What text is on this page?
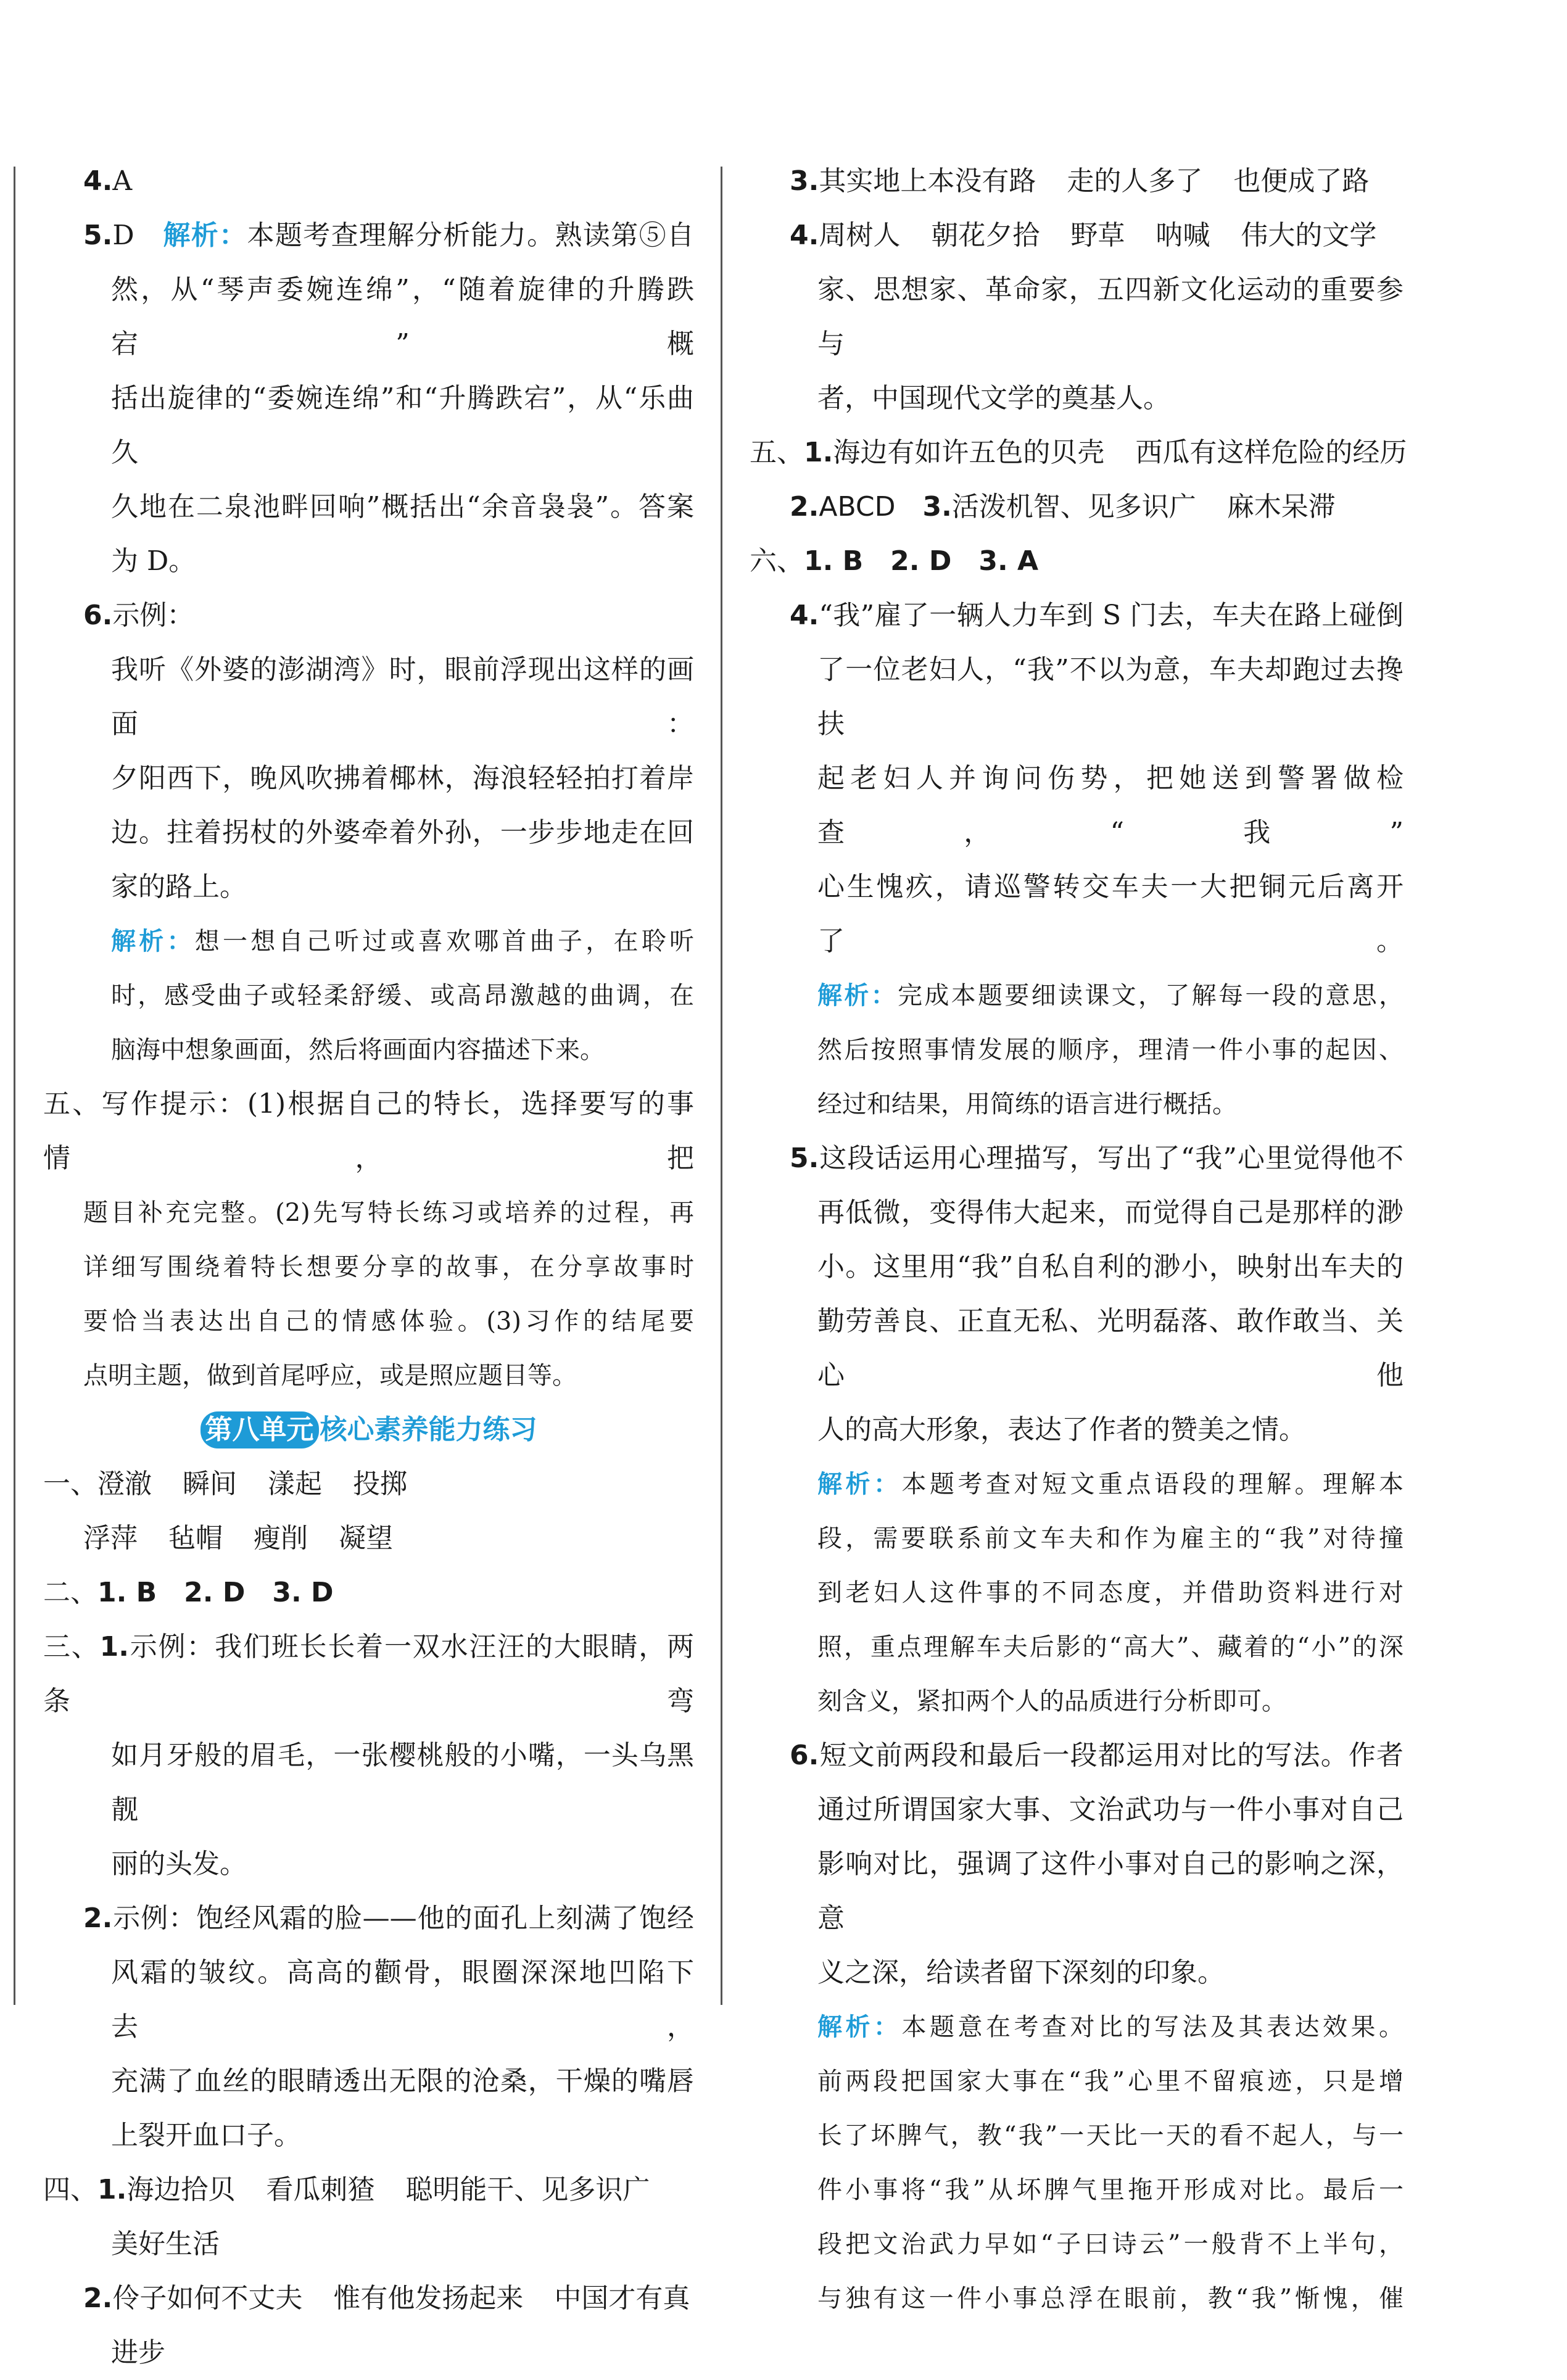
4.A
5.D　 解析：本题考查理解分析能力。熟读第⑤自
然，从“琴声委婉连绵”，“随着旋律的升腾跌宕”概
括出旋律的“委婉连绵”和“升腾跌宕”，从“乐曲久
久地在二泉池畔回响”概括出“余音袅袅”。答案
为 D。
6.示例：
我听《外婆的澎湖湾》时，眼前浮现出这样的画面：
夕阳西下，晚风吹拂着椰林，海浪轻轻拍打着岸
边。拄着拐杖的外婆牵着外孙，一步步地走在回
家的路上。
解析：想一想自己听过或喜欢哪首曲子，在聆听
时，感受曲子或轻柔舒缓、或高昂激越的曲调，在
脑海中想象画面，然后将画面内容描述下来。
五、写作提示：(1)根据自己的特长，选择要写的事情，把
题目补充完整。(2)先写特长练习或培养的过程，再
详细写围绕着特长想要分享的故事，在分享故事时
要恰当表达出自己的情感体验。(3)习作的结尾要
点明主题，做到首尾呼应，或是照应题目等。
第八单元 核心素养能力练习
一、澄澈 瞬间 漾起 投掷
浮萍 毡帽 瘦削 凝望
二、1. B　2. D　3. D
三、1.示例：我们班长长着一双水汪汪的大眼睛，两条弯
如月牙般的眉毛，一张樱桃般的小嘴，一头乌黑靓
丽的头发。
2.示例：饱经风霜的脸——他的面孔上刻满了饱经
风霜的皱纹。高高的颧骨，眼圈深深地凹陷下去，
充满了血丝的眼睛透出无限的沧桑，干燥的嘴唇
上裂开血口子。
四、1.海边拾贝 看瓜刺猹 聪明能干、见多识广
美好生活
2.伶子如何不丈夫 惟有他发扬起来 中国才有真
进步
3.其实地上本没有路 走的人多了 也便成了路
4.周树人 朝花夕拾 野草 呐喊 伟大的文学
家、思想家、革命家，五四新文化运动的重要参与
者，中国现代文学的奠基人。
五、1.海边有如许五色的贝壳 西瓜有这样危险的经历
2.ABCD　 3.活泼机智、见多识广 麻木呆滞
六、1. B　2. D　3. A
4.“我”雇了一辆人力车到 S 门去，车夫在路上碰倒
了一位老妇人，“我”不以为意，车夫却跑过去搀扶
起老妇人并询问伤势，把她送到警署做检查，“我”
心生愧疚，请巡警转交车夫一大把铜元后离开了。
解析：完成本题要细读课文，了解每一段的意思，
然后按照事情发展的顺序，理清一件小事的起因、
经过和结果，用简练的语言进行概括。
5.这段话运用心理描写，写出了“我”心里觉得他不
再低微，变得伟大起来，而觉得自己是那样的渺
小。这里用“我”自私自利的渺小，映射出车夫的
勤劳善良、正直无私、光明磊落、敢作敢当、关心他
人的高大形象，表达了作者的赞美之情。
解析：本题考查对短文重点语段的理解。理解本
段，需要联系前文车夫和作为雇主的“我”对待撞
到老妇人这件事的不同态度，并借助资料进行对
照，重点理解车夫后影的“高大”、藏着的“小”的深
刻含义，紧扣两个人的品质进行分析即可。
6.短文前两段和最后一段都运用对比的写法。作者
通过所谓国家大事、文治武功与一件小事对自己
影响对比，强调了这件小事对自己的影响之深，意
义之深，给读者留下深刻的印象。
解析：本题意在考查对比的写法及其表达效果。
前两段把国家大事在“我”心里不留痕迹，只是增
长了坏脾气，教“我”一天比一天的看不起人，与一
件小事将“我”从坏脾气里拖开形成对比。最后一
段把文治武力早如“子曰诗云”一般背不上半句，
与独有这一件小事总浮在眼前，教“我”惭愧，催
